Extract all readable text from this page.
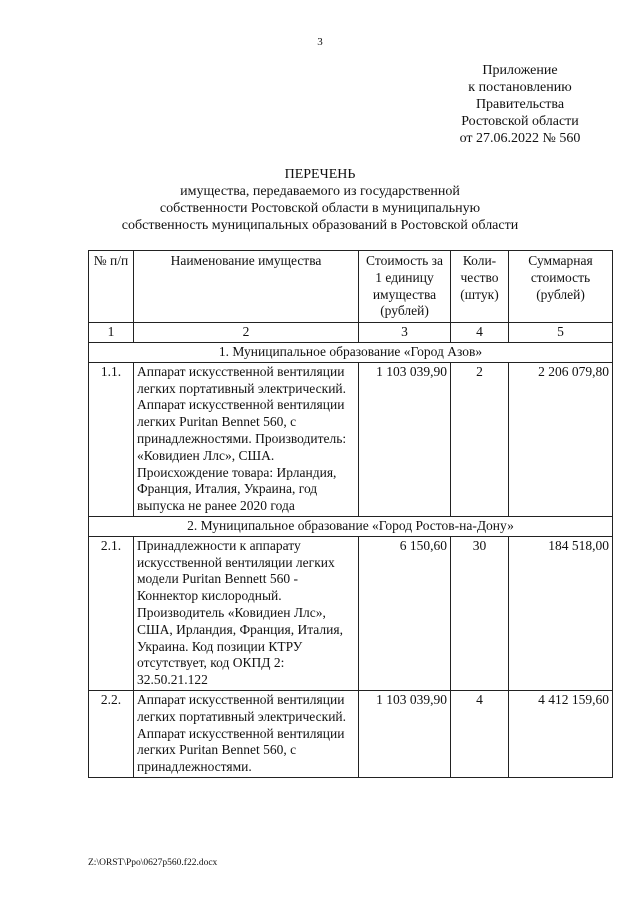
3
Приложение
к постановлению
Правительства
Ростовской области
от 27.06.2022 № 560
ПЕРЕЧЕНЬ
имущества, передаваемого из государственной
собственности Ростовской области в муниципальную
собственность муниципальных образований в Ростовской области
№ п/п	Наименование имущества	Стоимость за 1 единицу имущества (рублей)	Коли-чество (штук)	Суммарная стоимость (рублей)
1	2	3	4	5
1. Муниципальное образование «Город Азов»				
1.1.	Аппарат искусственной вентиляции легких портативный электрический. Аппарат искусственной вентиляции легких Puritan Bennet 560, с принадлежностями. Производитель: «Ковидиен Ллс», США. Происхождение товара: Ирландия, Франция, Италия, Украина, год выпуска не ранее 2020 года	1 103 039,90	2	2 206 079,80
2. Муниципальное образование «Город Ростов-на-Дону»				
2.1.	Принадлежности к аппарату искусственной вентиляции легких модели Puritan Bennett 560 - Коннектор кислородный. Производитель «Ковидиен Ллс», США, Ирландия, Франция, Италия, Украина. Код позиции КТРУ отсутствует, код ОКПД 2: 32.50.21.122	6 150,60	30	184 518,00
2.2.	Аппарат искусственной вентиляции легких портативный электрический. Аппарат искусственной вентиляции легких Puritan Bennet 560, с принадлежностями.	1 103 039,90	4	4 412 159,60
Z:\ORST\Ppo\0627p560.f22.docx
